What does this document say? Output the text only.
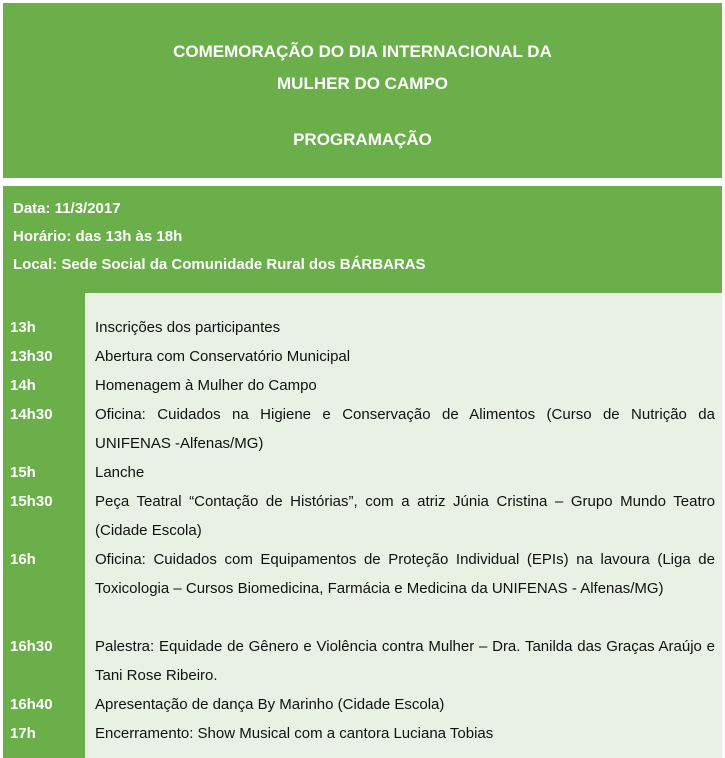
COMEMORAÇÃO DO DIA INTERNACIONAL DA
MULHER DO CAMPO
PROGRAMAÇÃO
Data: 11/3/2017
Horário: das 13h às 18h
Local: Sede Social da Comunidade Rural dos BÁRBARAS
13h	Inscrições dos participantes
13h30	Abertura com Conservatório Municipal
14h	Homenagem à Mulher do Campo
14h30	Oficina: Cuidados na Higiene e Conservação de Alimentos (Curso de Nutrição da UNIFENAS -Alfenas/MG)
15h	Lanche
15h30	Peça Teatral “Contação de Histórias”, com a atriz Júnia Cristina – Grupo Mundo Teatro (Cidade Escola)
16h	Oficina: Cuidados com Equipamentos de Proteção Individual (EPIs) na lavoura (Liga de Toxicologia – Cursos Biomedicina, Farmácia e Medicina da UNIFENAS - Alfenas/MG)
16h30	Palestra: Equidade de Gênero e Violência contra Mulher – Dra. Tanilda das Graças Araújo e Tani Rose Ribeiro.
16h40	Apresentação de dança By Marinho (Cidade Escola)
17h	Encerramento: Show Musical com a cantora Luciana Tobias
